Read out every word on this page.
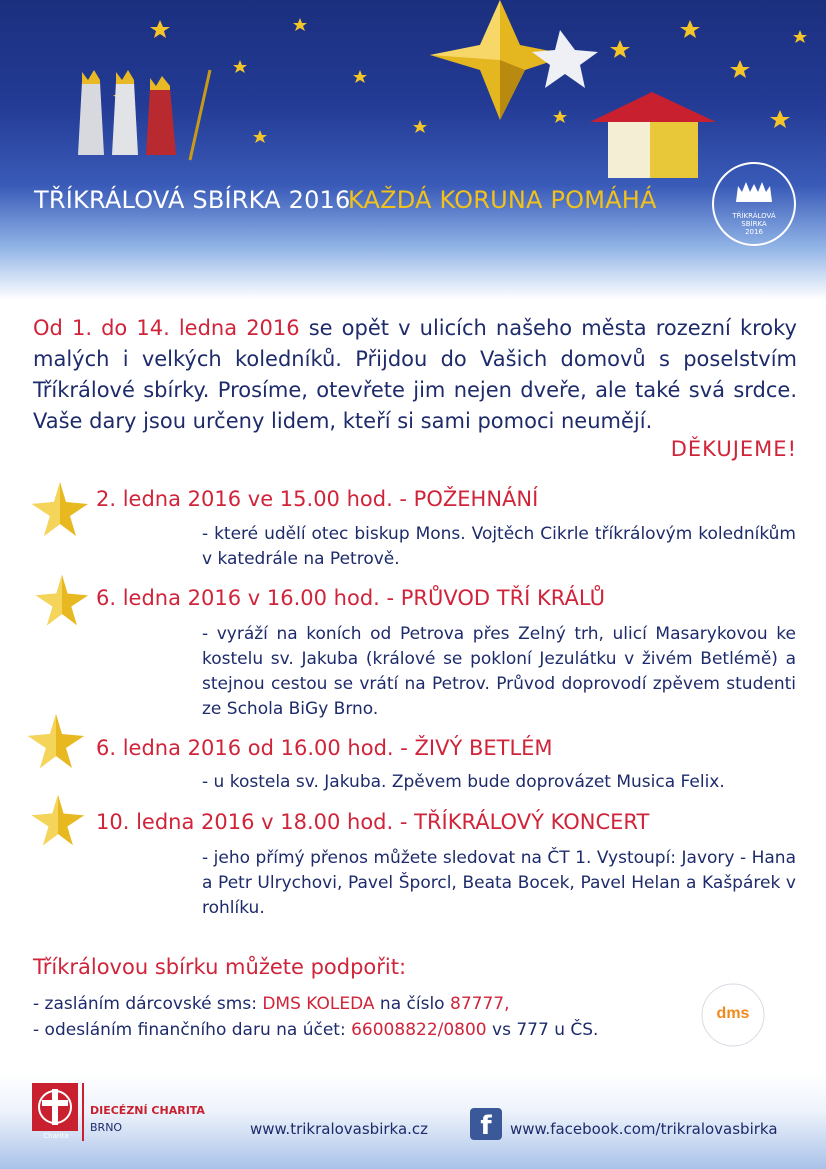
TŘÍKRÁLOVÁ SBÍRKA 2016
KAŽDÁ KORUNA POMÁHÁ
TŘÍKRÁLOVÁ
SBÍRKA
2016
Od 1. do 14. ledna 2016 se opět v ulicích našeho města rozezní kroky malých i velkých koledníků. Přijdou do Vašich domovů s poselstvím Tříkrálové sbírky. Prosíme, otevřete jim nejen dveře, ale také svá srdce. Vaše dary jsou určeny lidem, kteří si sami pomoci neumějí.
DĚKUJEME!
2. ledna 2016 ve 15.00 hod. - POŽEHNÁNÍ
- které udělí otec biskup Mons. Vojtěch Cikrle tříkrálovým koledníkům v katedrále na Petrově.
6. ledna 2016 v 16.00 hod. - PRŮVOD TŘÍ KRÁLŮ
- vyráží na koních od Petrova přes Zelný trh, ulicí Masarykovou ke kostelu sv. Jakuba (králové se pokloní Jezulátku v živém Betlémě) a stejnou cestou se vrátí na Petrov. Průvod doprovodí zpěvem studenti ze Schola BiGy Brno.
6. ledna 2016 od 16.00 hod. - ŽIVÝ BETLÉM
- u kostela sv. Jakuba. Zpěvem bude doprovázet Musica Felix.
10. ledna 2016 v 18.00 hod. - TŘÍKRÁLOVÝ KONCERT
- jeho přímý přenos můžete sledovat na ČT 1. Vystoupí: Javory - Hana a Petr Ulrychovi, Pavel Šporcl, Beata Bocek, Pavel Helan a Kašpárek v rohlíku.
Tříkrálovou sbírku můžete podpořit:
- zasláním dárcovské sms: DMS KOLEDA na číslo 87777,
- odesláním finančního daru na účet: 66008822/0800 vs 777 u ČS.
dms
Charita
DIECÉZNÍ CHARITA
BRNO	www.trikralovasbirka.cz	f	www.facebook.com/trikralovasbirka
